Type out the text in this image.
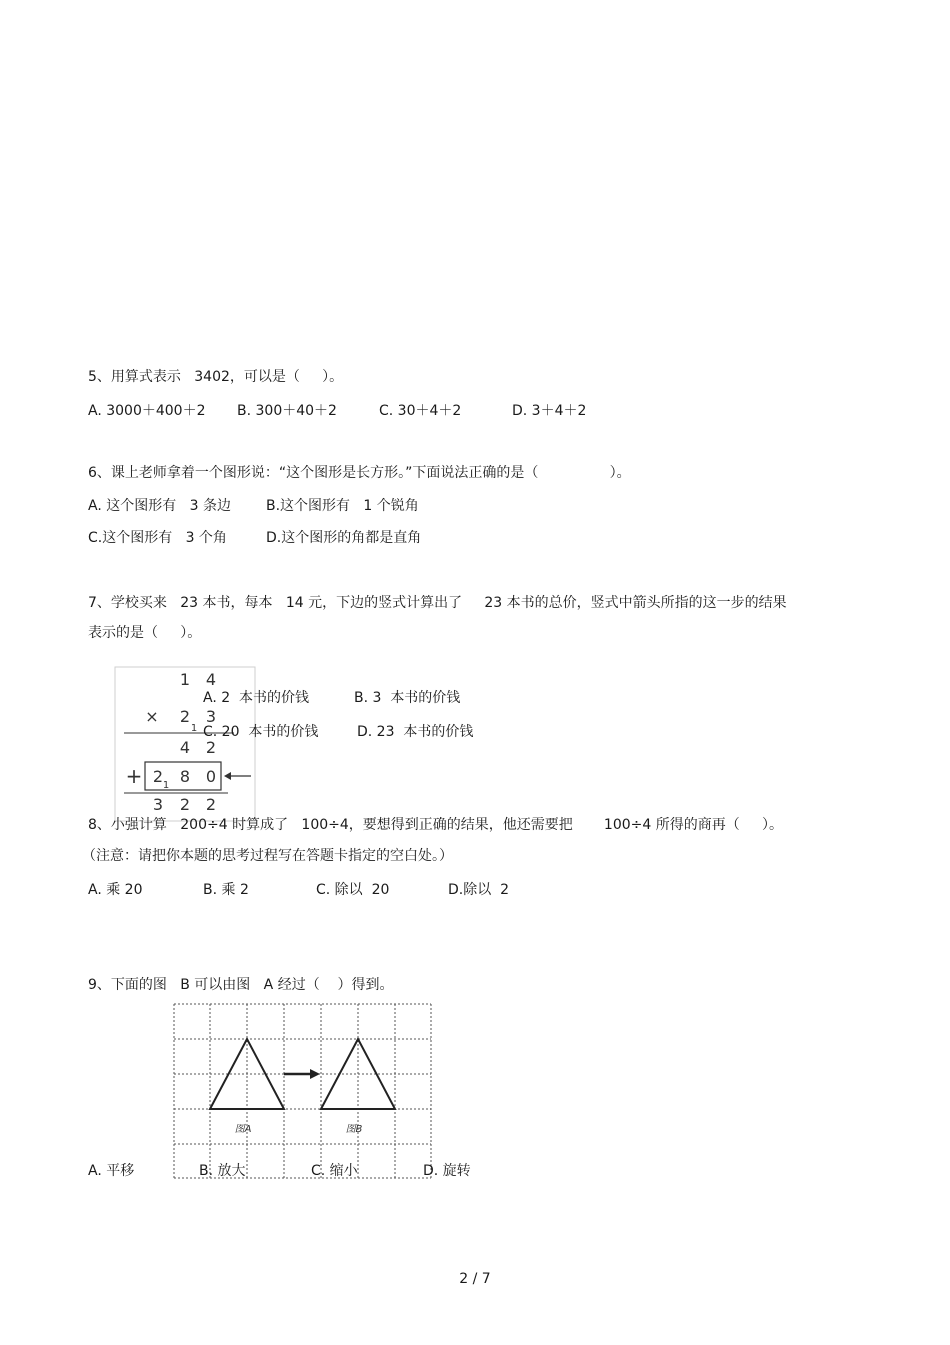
5、用算式表示   3402，可以是（     ）。
A. 3000＋400＋2 B. 300＋40＋2	C. 30＋4＋2	D. 3＋4＋2
6、课上老师拿着一个图形说：“这个图形是长方形。”下面说法正确的是（                ）。
A. 这个图形有   3 条边	B.这个图形有   1 个锐角
C.这个图形有   3 个角	D.这个图形的角都是直角
7、学校买来   23 本书，每本   14 元，下边的竖式计算出了     23 本书的总价，竖式中箭头所指的这一步的结果
表示的是（     ）。
1 4
× 2 3
1
4 2
+ 2 1 8 0
3 2 2
A. 2  本书的价钱	B. 3  本书的价钱
C. 20  本书的价钱	D. 23  本书的价钱
8、小强计算   200÷4 时算成了   100÷4，要想得到正确的结果，他还需要把       100÷4 所得的商再（     ）。
（注意：请把你本题的思考过程写在答题卡指定的空白处。）
A. 乘 20	B. 乘 2	C. 除以  20	D.除以  2
9、下面的图   B 可以由图   A 经过（    ）得到。
图A	图B
A. 平移	B. 放大	C. 缩小	D. 旋转
2 / 7
